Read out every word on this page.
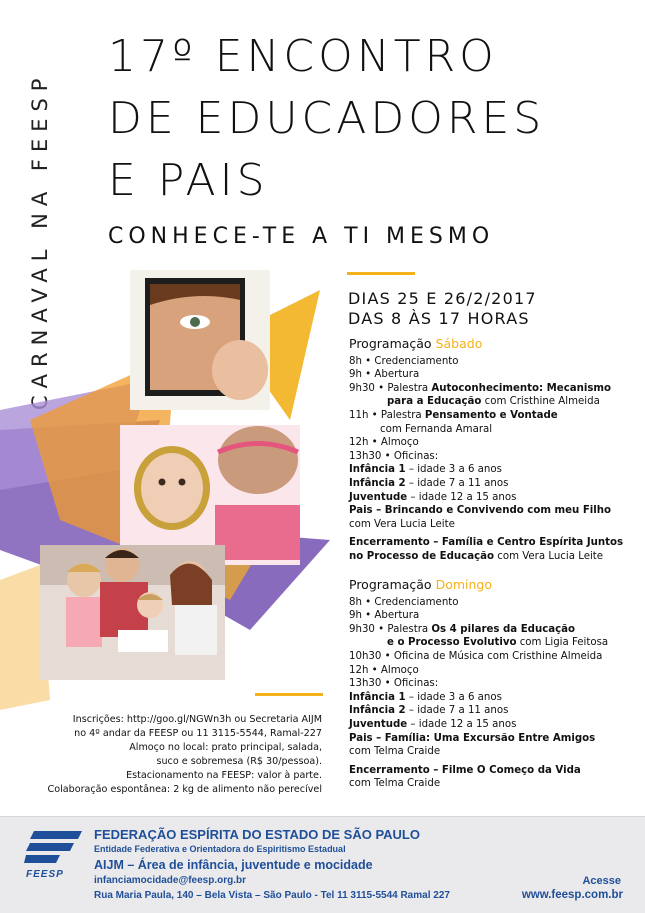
CARNAVAL NA FEESP
17º ENCONTRO
DE EDUCADORES
E PAIS
CONHECE-TE A TI MESMO
DIAS 25 E 26/2/2017
DAS 8 ÀS 17 HORAS
Programação Sábado
8h • Credenciamento
9h • Abertura
9h30 • Palestra Autoconhecimento: Mecanismo
para a Educação com Cristhine Almeida
11h • Palestra Pensamento e Vontade
com Fernanda Amaral
12h • Almoço
13h30 • Oficinas:
Infância 1 – idade 3 a 6 anos
Infância 2 – idade 7 a 11 anos
Juventude – idade 12 a 15 anos
Pais – Brincando e Convivendo com meu Filho
com Vera Lucia Leite
Encerramento – Família e Centro Espírita Juntos
no Processo de Educação com Vera Lucia Leite
Programação Domingo
8h • Credenciamento
9h • Abertura
9h30 • Palestra Os 4 pilares da Educação
e o Processo Evolutivo com Ligia Feitosa
10h30 • Oficina de Música com Cristhine Almeida
12h • Almoço
13h30 • Oficinas:
Infância 1 – idade 3 a 6 anos
Infância 2 – idade 7 a 11 anos
Juventude – idade 12 a 15 anos
Pais – Família: Uma Excursão Entre Amigos
com Telma Craide
Encerramento – Filme O Começo da Vida
com Telma Craide
Inscrições: http://goo.gl/NGWn3h ou Secretaria AIJM
no 4º andar da FEESP ou 11 3115-5544, Ramal-227
Almoço no local: prato principal, salada,
suco e sobremesa (R$ 30/pessoa).
Estacionamento na FEESP: valor à parte.
Colaboração espontânea: 2 kg de alimento não perecível
FEESP
FEDERAÇÃO ESPÍRITA DO ESTADO DE SÃO PAULO
Entidade Federativa e Orientadora do Espiritismo Estadual
AIJM – Área de infância, juventude e mocidade
infanciamocidade@feesp.org.br
Rua Maria Paula, 140 – Bela Vista – São Paulo - Tel 11 3115-5544 Ramal 227
Acesse
www.feesp.com.br
